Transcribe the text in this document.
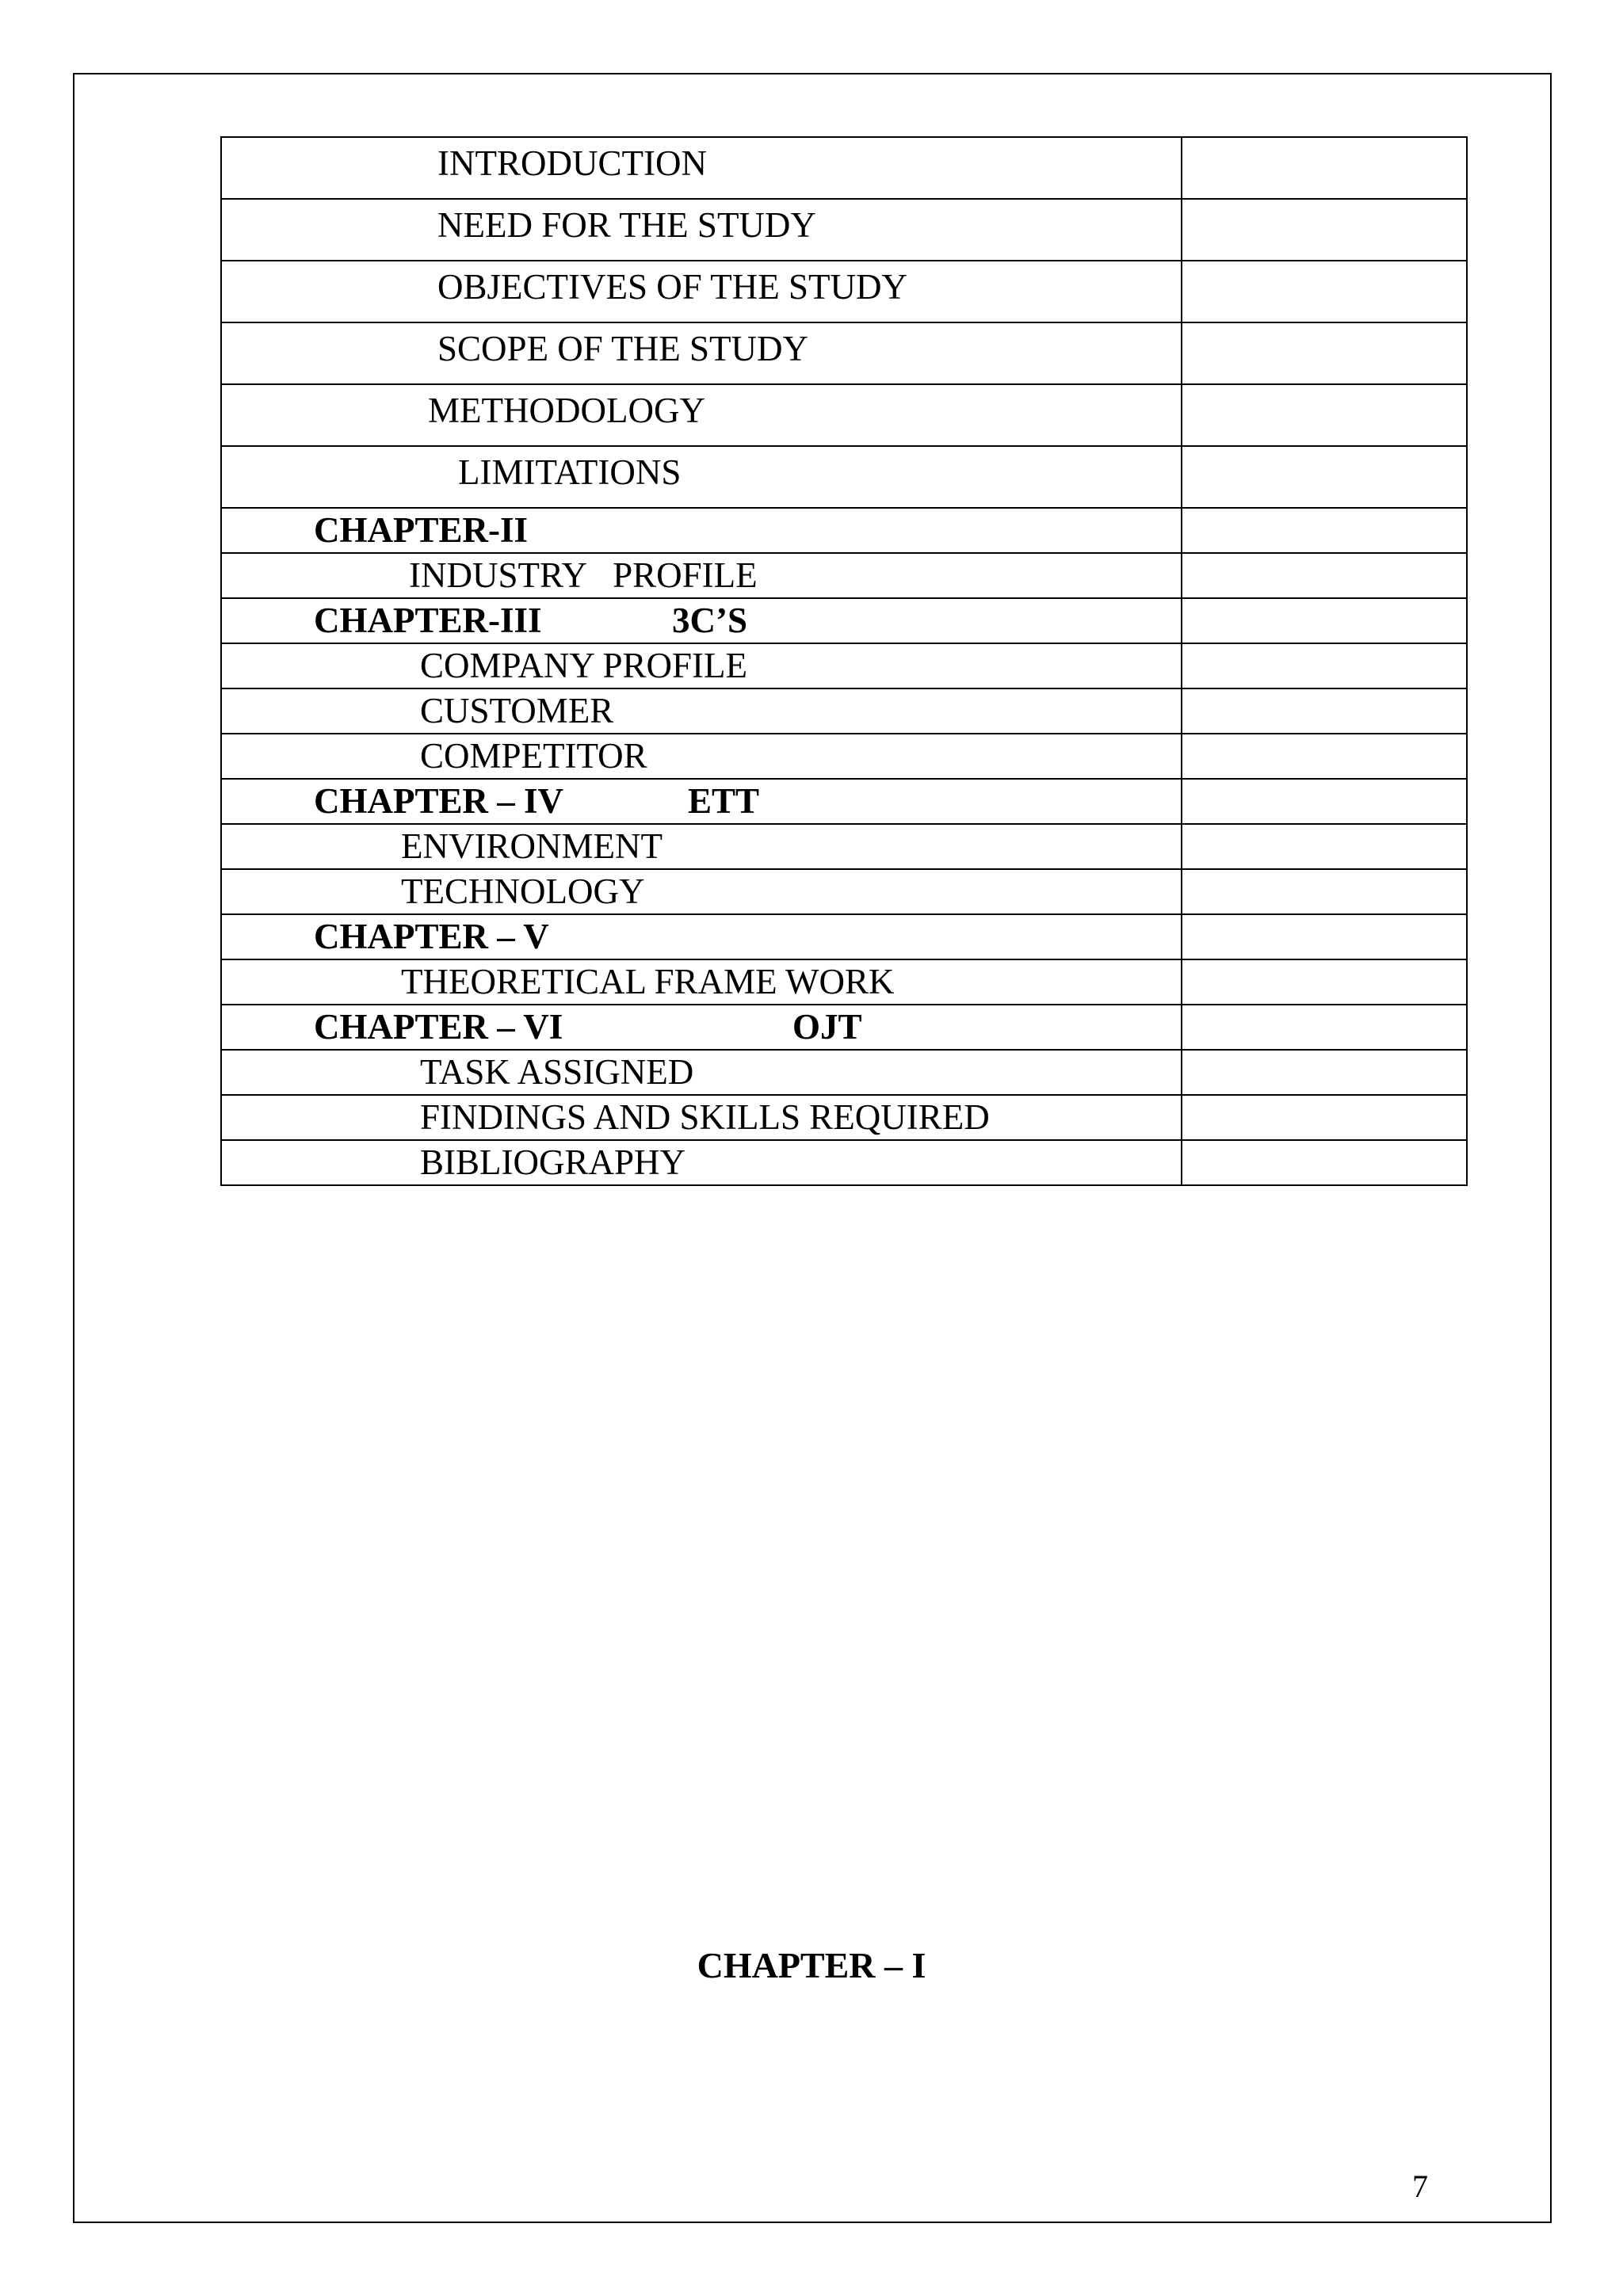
INTRODUCTION	

NEED FOR THE STUDY	

OBJECTIVES OF THE STUDY	

SCOPE OF THE STUDY	

METHODOLOGY	

LIMITATIONS	

CHAPTER-II	

INDUSTRY   PROFILE	

CHAPTER-III 3C’S	

COMPANY PROFILE	

CUSTOMER	

COMPETITOR	

CHAPTER – IV ETT	

ENVIRONMENT	

TECHNOLOGY	

CHAPTER – V	

THEORETICAL FRAME WORK	

CHAPTER – VI OJT	

TASK ASSIGNED	

FINDINGS AND SKILLS REQUIRED	

BIBLIOGRAPHY	

CHAPTER – I
7
